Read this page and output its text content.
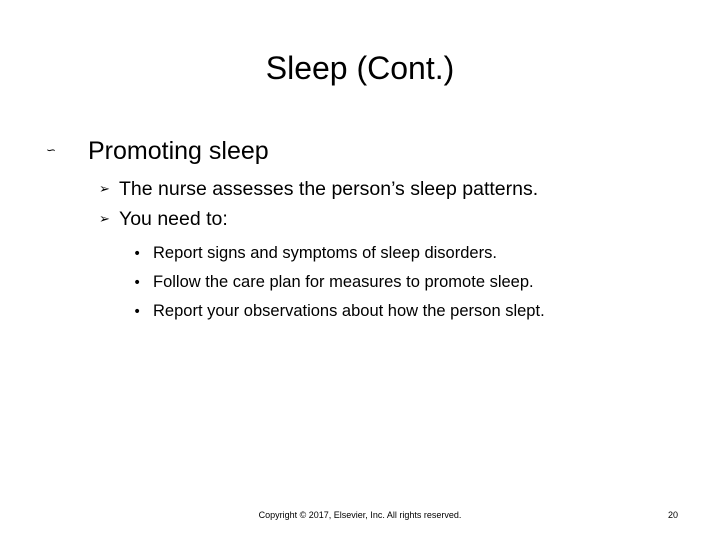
Sleep (Cont.)
∽ Promoting sleep
➢ The nurse assesses the person’s sleep patterns.
➢ You need to:
• Report signs and symptoms of sleep disorders.
• Follow the care plan for measures to promote sleep.
• Report your observations about how the person slept.
Copyright © 2017, Elsevier, Inc. All rights reserved.	20
